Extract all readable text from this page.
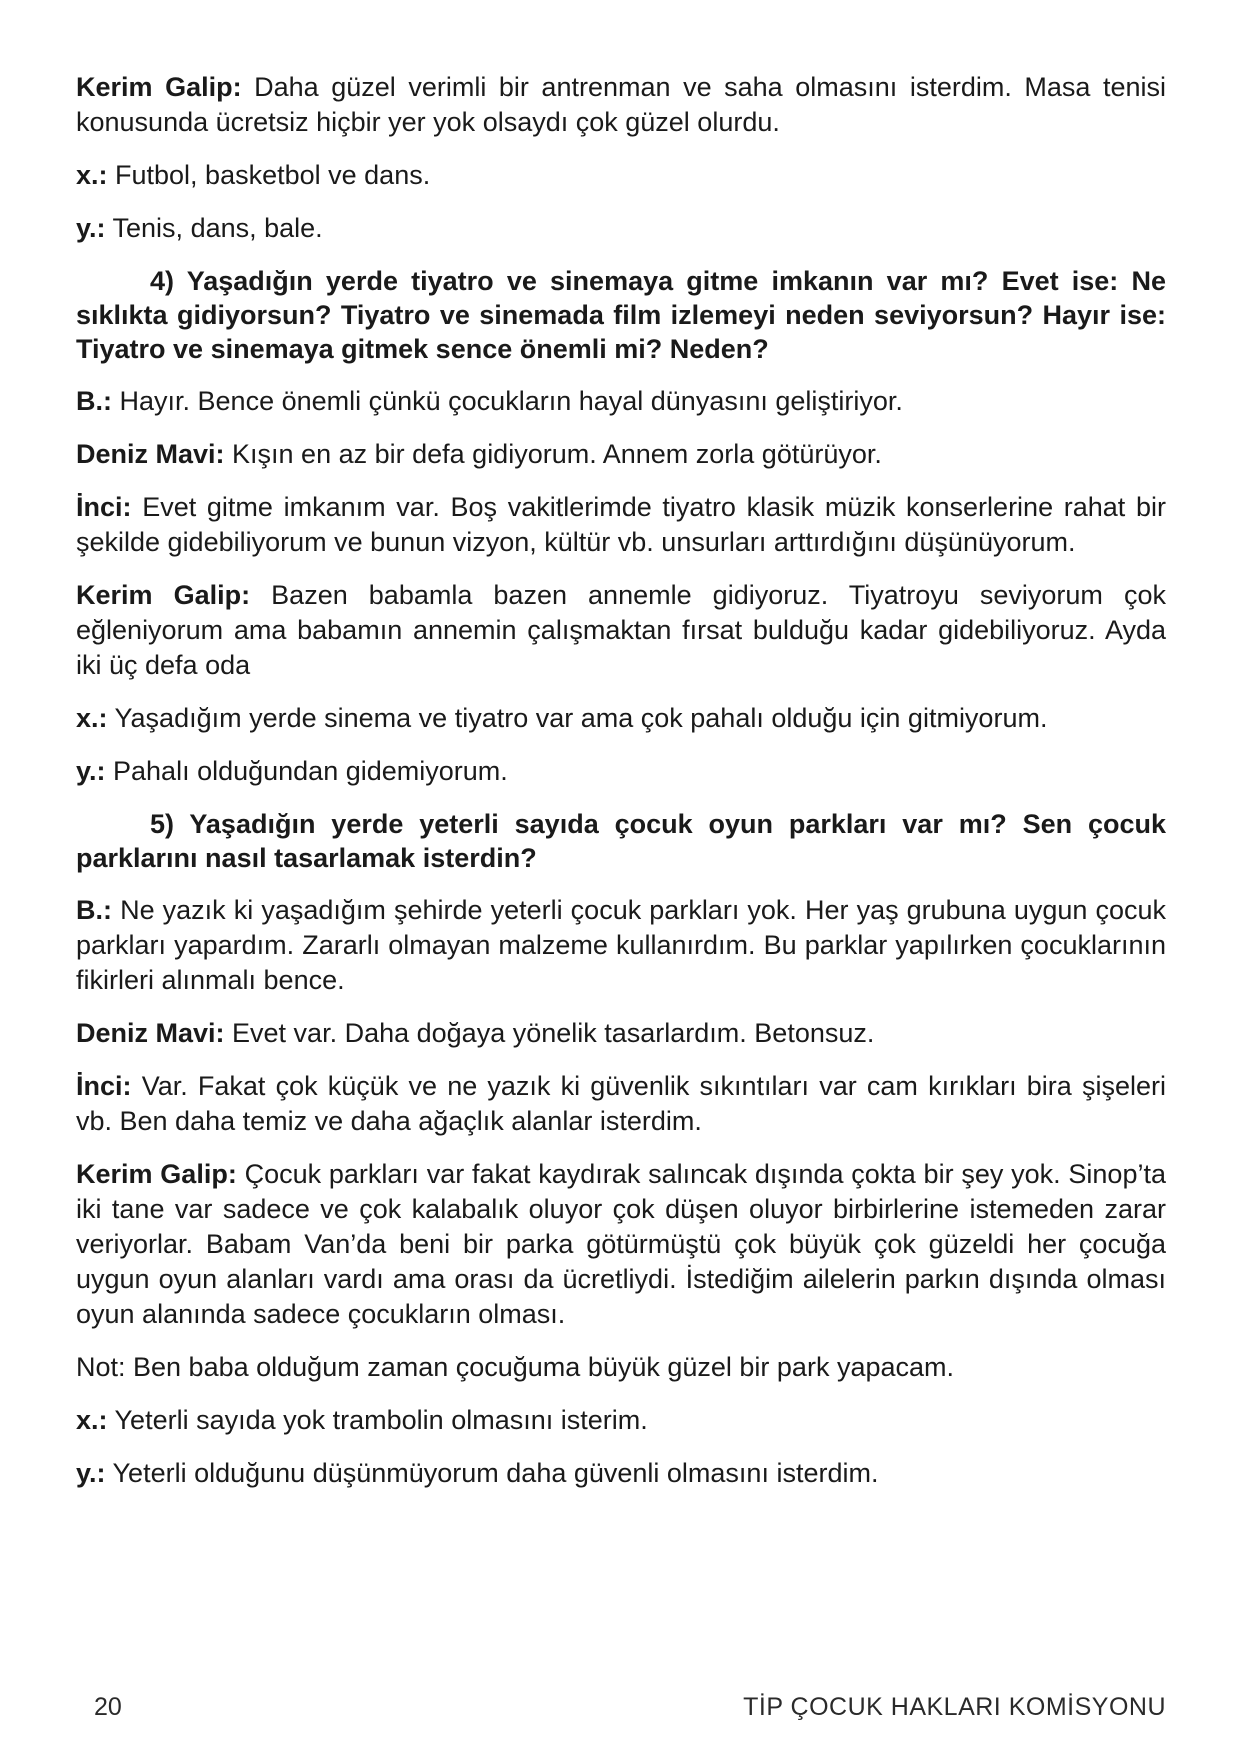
Kerim Galip: Daha güzel verimli bir antrenman ve saha olmasını isterdim. Masa tenisi konusunda ücretsiz hiçbir yer yok olsaydı çok güzel olurdu.

x.: Futbol, basketbol ve dans.

y.: Tenis, dans, bale.

4) Yaşadığın yerde tiyatro ve sinemaya gitme imkanın var mı? Evet ise: Ne sıklıkta gidiyorsun? Tiyatro ve sinemada film izlemeyi neden seviyorsun? Hayır ise: Tiyatro ve sinemaya gitmek sence önemli mi? Neden?

B.: Hayır. Bence önemli çünkü çocukların hayal dünyasını geliştiriyor.

Deniz Mavi: Kışın en az bir defa gidiyorum. Annem zorla götürüyor.

İnci: Evet gitme imkanım var. Boş vakitlerimde tiyatro klasik müzik konserlerine rahat bir şekilde gidebiliyorum ve bunun vizyon, kültür vb. unsurları arttırdığını düşünüyorum.

Kerim Galip: Bazen babamla bazen annemle gidiyoruz. Tiyatroyu seviyorum çok eğleniyorum ama babamın annemin çalışmaktan fırsat bulduğu kadar gidebiliyoruz. Ayda iki üç defa oda

x.: Yaşadığım yerde sinema ve tiyatro var ama çok pahalı olduğu için gitmiyorum.

y.: Pahalı olduğundan gidemiyorum.

5) Yaşadığın yerde yeterli sayıda çocuk oyun parkları var mı? Sen çocuk parklarını nasıl tasarlamak isterdin?

B.: Ne yazık ki yaşadığım şehirde yeterli çocuk parkları yok. Her yaş grubuna uygun çocuk parkları yapardım. Zararlı olmayan malzeme kullanırdım. Bu parklar yapılırken çocuklarının fikirleri alınmalı bence.

Deniz Mavi: Evet var. Daha doğaya yönelik tasarlardım. Betonsuz.

İnci: Var. Fakat çok küçük ve ne yazık ki güvenlik sıkıntıları var cam kırıkları bira şişeleri vb. Ben daha temiz ve daha ağaçlık alanlar isterdim.

Kerim Galip: Çocuk parkları var fakat kaydırak salıncak dışında çokta bir şey yok. Sinop’ta iki tane var sadece ve çok kalabalık oluyor çok düşen oluyor birbirlerine istemeden zarar veriyorlar. Babam Van’da beni bir parka götürmüştü çok büyük çok güzeldi her çocuğa uygun oyun alanları vardı ama orası da ücretliydi. İstediğim ailelerin parkın dışında olması oyun alanında sadece çocukların olması.

Not: Ben baba olduğum zaman çocuğuma büyük güzel bir park yapacam.

x.: Yeterli sayıda yok trambolin olmasını isterim.

y.: Yeterli olduğunu düşünmüyorum daha güvenli olmasını isterdim.

20	TİP ÇOCUK HAKLARI KOMİSYONU
